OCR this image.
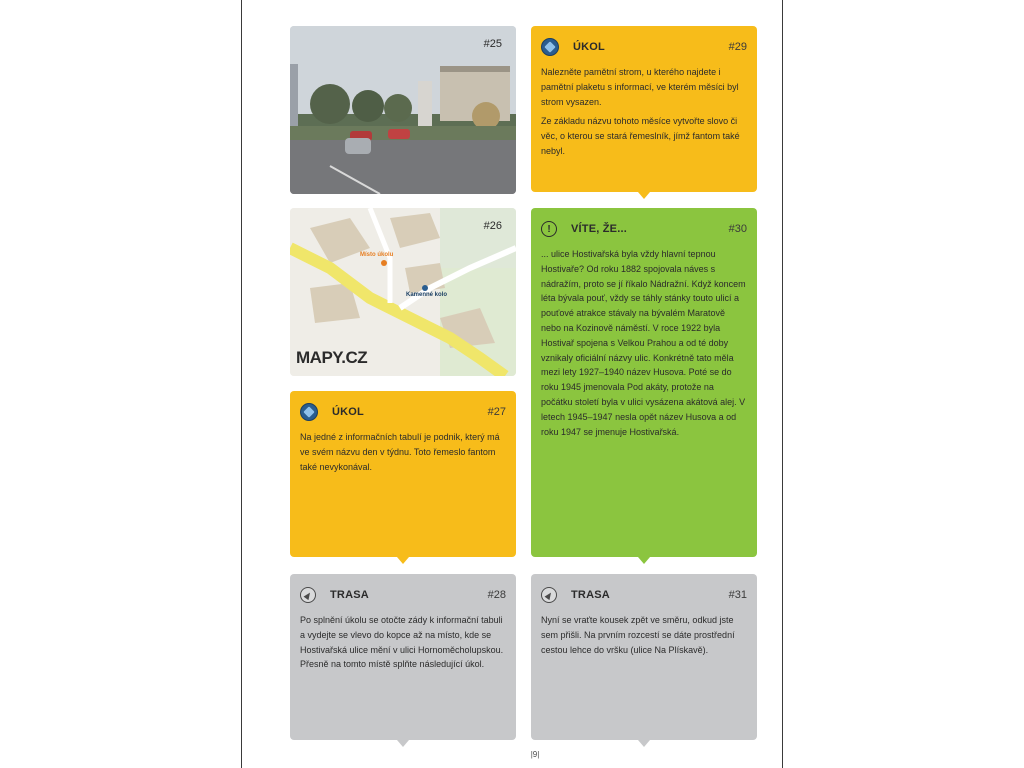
#25
Místo úkolu
Kamenné kolo
MAPY.CZ
#26
ÚKOL	#27

Na jedné z informačních tabulí je podnik, který má ve svém názvu den v týdnu. Toto řemeslo fantom také nevykonával.

TRASA	#28

Po splnění úkolu se otočte zády k informační tabuli a vydejte se vlevo do kopce až na místo, kde se Hostivařská ulice mění v ulici Hornoměcholupskou. Přesně na tomto místě splňte následující úkol.

ÚKOL	#29

Nalezněte pamětní strom, u kterého najdete i pamětní plaketu s informací, ve kterém měsíci byl strom vysazen.

Ze základu názvu tohoto měsíce vytvořte slovo či věc, o kterou se stará řemeslník, jímž fantom také nebyl.

!	VÍTE, ŽE...	#30

... ulice Hostivařská byla vždy hlavní tepnou Hostivaře? Od roku 1882 spojovala náves s nádražím, proto se jí říkalo Nádražní. Když koncem léta bývala pouť, vždy se táhly stánky touto ulicí a pouťové atrakce stávaly na bývalém Maratově nebo na Kozinově náměstí. V roce 1922 byla Hostivař spojena s Velkou Prahou a od té doby vznikaly oficiální názvy ulic. Konkrétně tato měla mezi lety 1927–1940 název Husova. Poté se do roku 1945 jmenovala Pod akáty, protože na počátku století byla v ulici vysázena akátová alej. V letech 1945–1947 nesla opět název Husova a od roku 1947 se jmenuje Hostivařská.

TRASA	#31

Nyní se vraťte kousek zpět ve směru, odkud jste sem přišli. Na prvním rozcestí se dáte prostřední cestou lehce do vršku (ulice Na Plískavě).

|9|
